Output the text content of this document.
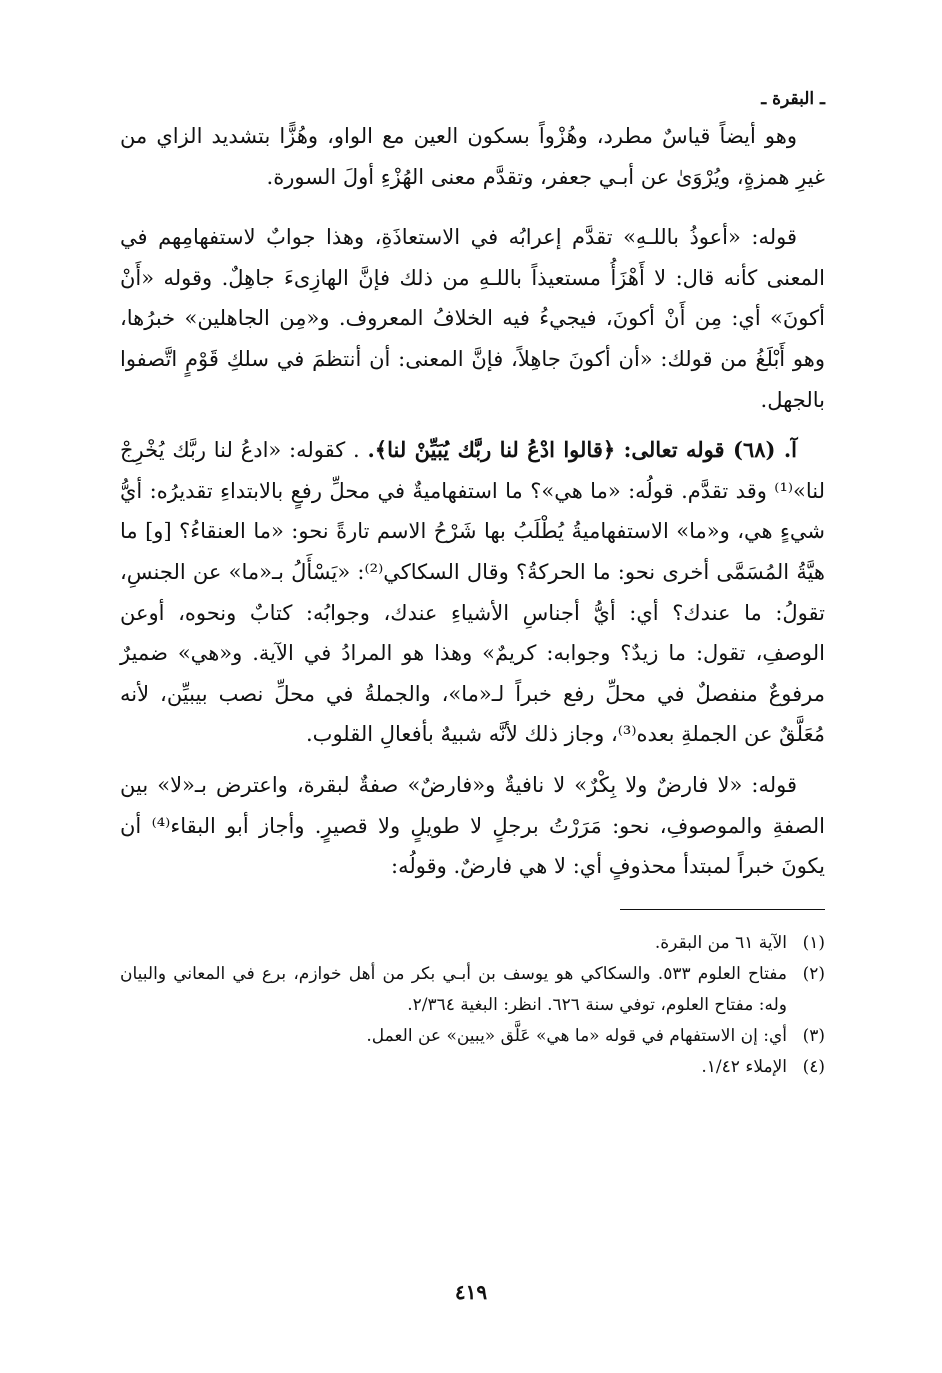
ـ البقرة ـ

وهو أيضاً قياسٌ مطرد، وهُزْواً بسكون العين مع الواو، وهُزًّا بتشديد الزاي من غيرِ همزةٍ، ويُرْوَىٰ عن أبـي جعفر، وتقدَّم معنى الهُزْءِ أولَ السورة.

قوله: «أعوذُ باللـهِ» تقدَّم إعرابُه في الاستعاذَةِ، وهذا جوابٌ لاستفهامِهم في المعنى كأنه قال: لا أَهْزَأُ مستعيذاً باللـهِ من ذلك فإنَّ الهازِىءَ جاهِلٌ. وقوله «أَنْ أكونَ» أي: مِن أَنْ أكونَ، فيجيءُ فيه الخلافُ المعروف. و«مِن الجاهلين» خبرُها، وهو أَبْلَغُ من قولك: «أن أكونَ جاهِلاً، فإنَّ المعنى: أن أنتظمَ في سلكِ قَوْمٍ اتَّصفوا بالجهل.

آ. (٦٨) قوله تعالى: ﴿قالوا ادْعُ لنا ربَّك يُبَيِّنْ لنا﴾. . كقوله: «ادعُ لنا ربَّك يُخْرِجْ لنا»⁽¹⁾ وقد تقدَّم. قولُه: «ما هي»؟ ما استفهاميةٌ في محلِّ رفعٍ بالابتداءِ تقديرُه: أيُّ شيءٍ هي، و«ما» الاستفهاميةُ يُطْلَبُ بها شَرْحُ الاسم تارةً نحو: «ما العنقاءُ؟ [و] ما هيَّةُ المُسَمَّى أخرى نحو: ما الحركةُ؟ وقال السكاكي⁽²⁾: «يَسْأَلُ بـ«ما» عن الجنسِ، تقولُ: ما عندك؟ أي: أيُّ أجناسِ الأشياءِ عندك، وجوابُه: كتابٌ ونحوه، أوعن الوصفِ، تقول: ما زيدٌ؟ وجوابه: كريمٌ» وهذا هو المرادُ في الآية. و«هي» ضميرٌ مرفوعٌ منفصلٌ في محلِّ رفع خبراً لـ«ما»، والجملةُ في محلِّ نصب بيبيِّن، لأنه مُعَلَّقٌ عن الجملةِ بعده⁽³⁾، وجاز ذلك لأنَّه شبيهٌ بأفعالِ القلوب.

قوله: «لا فارضٌ ولا بِكْرٌ» لا نافيةٌ و«فارضٌ» صفةٌ لبقرة، واعترض بـ«لا» بين الصفةِ والموصوفِ، نحو: مَرَرْتُ برجلٍ لا طويلٍ ولا قصيرٍ. وأجاز أبو البقاء⁽⁴⁾ أن يكونَ خبراً لمبتدأ محذوفٍ أي: لا هي فارضٌ. وقولُه:

(١)
الآية ٦١ من البقرة.
(٢)
مفتاح العلوم ٥٣٣. والسكاكي هو يوسف بن أبـي بكر من أهل خوازم، برع في المعاني والبيان وله: مفتاح العلوم، توفي سنة ٦٢٦. انظر: البغية ٢/٣٦٤.
(٣)
أي: إن الاستفهام في قوله «ما هي» عَلَّق «يبين» عن العمل.
(٤)
الإملاء ١/٤٢.
٤١٩
